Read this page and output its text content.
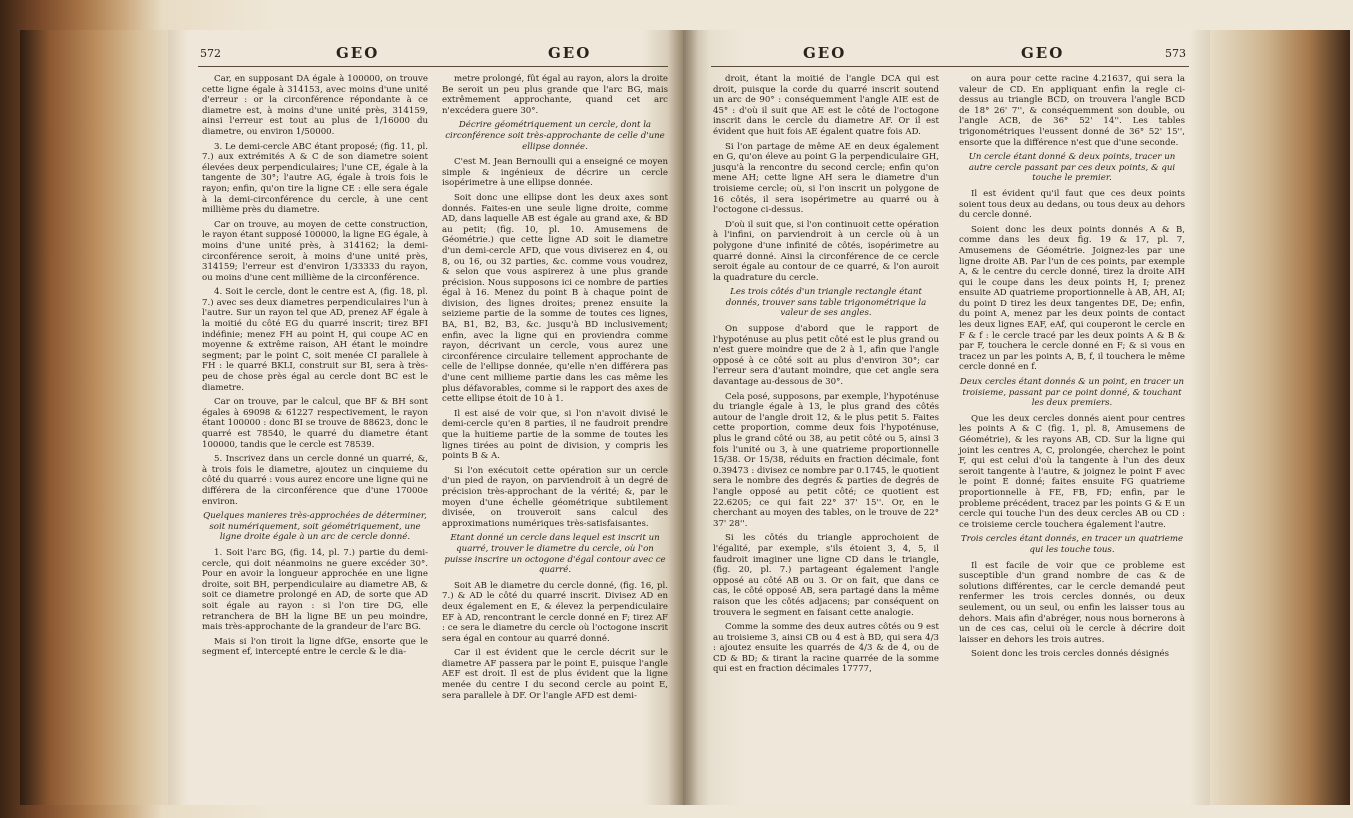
572	GEO	GEO

Car, en supposant DA égale à 100000, on trouve cette ligne égale à 314153, avec moins d'une unité d'erreur : or la circonférence répondante à ce diametre est, à moins d'une unité près, 314159, ainsi l'erreur est tout au plus de 1/16000 du diametre, ou environ 1/50000.

3. Le demi-cercle ABC étant proposé; (fig. 11, pl. 7.) aux extrémités A & C de son diametre soient élevées deux perpendiculaires; l'une CE, égale à la tangente de 30°; l'autre AG, égale à trois fois le rayon; enfin, qu'on tire la ligne CE : elle sera égale à la demi-circonférence du cercle, à une cent millième près du diametre.

Car on trouve, au moyen de cette construction, le rayon étant supposé 100000, la ligne EG égale, à moins d'une unité près, à 314162; la demi-circonférence seroit, à moins d'une unité près, 314159; l'erreur est d'environ 1/33333 du rayon, ou moins d'une cent millième de la circonférence.

4. Soit le cercle, dont le centre est A, (fig. 18, pl. 7.) avec ses deux diametres perpendiculaires l'un à l'autre. Sur un rayon tel que AD, prenez AF égale à la moitié du côté EG du quarré inscrit; tirez BFI indéfinie; menez FH au point H, qui coupe AC en moyenne & extrême raison, AH étant le moindre segment; par le point C, soit menée CI parallele à FH : le quarré BKLI, construit sur BI, sera à très-peu de chose près égal au cercle dont BC est le diametre.

Car on trouve, par le calcul, que BF & BH sont égales à 69098 & 61227 respectivement, le rayon étant 100000 : donc BI se trouve de 88623, donc le quarré est 78540, le quarré du diametre étant 100000, tandis que le cercle est 78539.

5. Inscrivez dans un cercle donné un quarré, &, à trois fois le diametre, ajoutez un cinquieme du côté du quarré : vous aurez encore une ligne qui ne différera de la circonférence que d'une 17000e environ.

Quelques manieres très-approchées de déterminer, soit numériquement, soit géométriquement, une ligne droite égale à un arc de cercle donné.

1. Soit l'arc BG, (fig. 14, pl. 7.) partie du demi-cercle, qui doit néanmoins ne guere excéder 30°. Pour en avoir la longueur approchée en une ligne droite, soit BH, perpendiculaire au diametre AB, & soit ce diametre prolongé en AD, de sorte que AD soit égale au rayon : si l'on tire DG, elle retranchera de BH la ligne BE un peu moindre, mais très-approchante de la grandeur de l'arc BG.

Mais si l'on tiroit la ligne dfGe, ensorte que le segment ef, intercepté entre le cercle & le dia-

metre prolongé, fût égal au rayon, alors la droite Be seroit un peu plus grande que l'arc BG, mais extrêmement approchante, quand cet arc n'excédera guere 30°.

Décrire géométriquement un cercle, dont la circonférence soit très-approchante de celle d'une ellipse donnée.

C'est M. Jean Bernoulli qui a enseigné ce moyen simple & ingénieux de décrire un cercle isopérimetre à une ellipse donnée.

Soit donc une ellipse dont les deux axes sont donnés. Faites-en une seule ligne droite, comme AD, dans laquelle AB est égale au grand axe, & BD au petit; (fig. 10, pl. 10. Amusemens de Géométrie.) que cette ligne AD soit le diametre d'un demi-cercle AFD, que vous diviserez en 4, ou 8, ou 16, ou 32 parties, &c. comme vous voudrez, & selon que vous aspirerez à une plus grande précision. Nous supposons ici ce nombre de parties égal à 16. Menez du point B à chaque point de division, des lignes droites; prenez ensuite la seizieme partie de la somme de toutes ces lignes, BA, B1, B2, B3, &c. jusqu'à BD inclusivement; enfin, avec la ligne qui en proviendra comme rayon, décrivant un cercle, vous aurez une circonférence circulaire tellement approchante de celle de l'ellipse donnée, qu'elle n'en différera pas d'une cent millieme partie dans les cas même les plus défavorables, comme si le rapport des axes de cette ellipse étoit de 10 à 1.

Il est aisé de voir que, si l'on n'avoit divisé le demi-cercle qu'en 8 parties, il ne faudroit prendre que la huitieme partie de la somme de toutes les lignes tirées au point de division, y compris les points B & A.

Si l'on exécutoit cette opération sur un cercle d'un pied de rayon, on parviendroit à un degré de précision très-approchant de la vérité; &, par le moyen d'une échelle géométrique subtilement divisée, on trouveroit sans calcul des approximations numériques très-satisfaisantes.

Etant donné un cercle dans lequel est inscrit un quarré, trouver le diametre du cercle, où l'on puisse inscrire un octogone d'égal contour avec ce quarré.

Soit AB le diametre du cercle donné, (fig. 16, pl. 7.) & AD le côté du quarré inscrit. Divisez AD en deux également en E, & élevez la perpendiculaire EF à AD, rencontrant le cercle donné en F; tirez AF : ce sera le diametre du cercle où l'octogone inscrit sera égal en contour au quarré donné.

Car il est évident que le cercle décrit sur le diametre AF passera par le point E, puisque l'angle AEF est droit. Il est de plus évident que la ligne menée du centre I du second cercle au point E, sera parallele à DF. Or l'angle AFD est demi-

GEO	GEO	573

droit, étant la moitié de l'angle DCA qui est droit, puisque la corde du quarré inscrit soutend un arc de 90° : conséquemment l'angle AIE est de 45° : d'où il suit que AE est le côté de l'octogone inscrit dans le cercle du diametre AF. Or il est évident que huit fois AE égalent quatre fois AD.

Si l'on partage de même AE en deux également en G, qu'on éleve au point G la perpendiculaire GH, jusqu'à la rencontre du second cercle; enfin qu'on mene AH; cette ligne AH sera le diametre d'un troisieme cercle; où, si l'on inscrit un polygone de 16 côtés, il sera isopérimetre au quarré ou à l'octogone ci-dessus.

D'où il suit que, si l'on continuoit cette opération à l'infini, on parviendroit à un cercle où à un polygone d'une infinité de côtés, isopérimetre au quarré donné. Ainsi la circonférence de ce cercle seroit égale au contour de ce quarré, & l'on auroit la quadrature du cercle.

Les trois côtés d'un triangle rectangle étant donnés, trouver sans table trigonométrique la valeur de ses angles.

On suppose d'abord que le rapport de l'hypoténuse au plus petit côté est le plus grand ou n'est guere moindre que de 2 à 1, afin que l'angle opposé à ce côté soit au plus d'environ 30°; car l'erreur sera d'autant moindre, que cet angle sera davantage au-dessous de 30°.

Cela posé, supposons, par exemple, l'hypoténuse du triangle égale à 13, le plus grand des côtés autour de l'angle droit 12, & le plus petit 5. Faites cette proportion, comme deux fois l'hypoténuse, plus le grand côté ou 38, au petit côté ou 5, ainsi 3 fois l'unité ou 3, à une quatrieme proportionnelle 15/38. Or 15/38, réduits en fraction décimale, font 0.39473 : divisez ce nombre par 0.1745, le quotient sera le nombre des degrés & parties de degrés de l'angle opposé au petit côté; ce quotient est 22.6205; ce qui fait 22° 37' 15''. Or, en le cherchant au moyen des tables, on le trouve de 22° 37' 28''.

Si les côtés du triangle approchoient de l'égalité, par exemple, s'ils étoient 3, 4, 5, il faudroit imaginer une ligne CD dans le triangle, (fig. 20, pl. 7.) partageant également l'angle opposé au côté AB ou 3. Or on fait, que dans ce cas, le côté opposé AB, sera partagé dans la même raison que les côtés adjacens; par conséquent on trouvera le segment en faisant cette analogie.

Comme la somme des deux autres côtés ou 9 est au troisieme 3, ainsi CB ou 4 est à BD, qui sera 4/3 : ajoutez ensuite les quarrés de 4/3 & de 4, ou de CD & BD; & tirant la racine quarrée de la somme qui est en fraction décimales 17777,

on aura pour cette racine 4.21637, qui sera la valeur de CD. En appliquant enfin la regle ci-dessus au triangle BCD, on trouvera l'angle BCD de 18° 26' 7'', & conséquemment son double, ou l'angle ACB, de 36° 52' 14''. Les tables trigonométriques l'eussent donné de 36° 52' 15'', ensorte que la différence n'est que d'une seconde.

Un cercle étant donné & deux points, tracer un autre cercle passant par ces deux points, & qui touche le premier.

Il est évident qu'il faut que ces deux points soient tous deux au dedans, ou tous deux au dehors du cercle donné.

Soient donc les deux points donnés A & B, comme dans les deux fig. 19 & 17, pl. 7, Amusemens de Géométrie. Joignez-les par une ligne droite AB. Par l'un de ces points, par exemple A, & le centre du cercle donné, tirez la droite AIH qui le coupe dans les deux points H, I; prenez ensuite AD quatrieme proportionnelle à AB, AH, AI; du point D tirez les deux tangentes DE, De; enfin, du point A, menez par les deux points de contact les deux lignes EAF, eAf, qui couperont le cercle en F & f : le cercle tracé par les deux points A & B & par F, touchera le cercle donné en F; & si vous en tracez un par les points A, B, f, il touchera le même cercle donné en f.

Deux cercles étant donnés & un point, en tracer un troisieme, passant par ce point donné, & touchant les deux premiers.

Que les deux cercles donnés aient pour centres les points A & C (fig. 1, pl. 8, Amusemens de Géométrie), & les rayons AB, CD. Sur la ligne qui joint les centres A, C, prolongée, cherchez le point F, qui est celui d'où la tangente à l'un des deux seroit tangente à l'autre, & joignez le point F avec le point E donné; faites ensuite FG quatrieme proportionnelle à FE, FB, FD; enfin, par le probleme précédent, tracez par les points G & E un cercle qui touche l'un des deux cercles AB ou CD : ce troisieme cercle touchera également l'autre.

Trois cercles étant donnés, en tracer un quatrieme qui les touche tous.

Il est facile de voir que ce probleme est susceptible d'un grand nombre de cas & de solutions différentes, car le cercle demandé peut renfermer les trois cercles donnés, ou deux seulement, ou un seul, ou enfin les laisser tous au dehors. Mais afin d'abréger, nous nous bornerons à un de ces cas, celui où le cercle à décrire doit laisser en dehors les trois autres.

Soient donc les trois cercles donnés désignés
